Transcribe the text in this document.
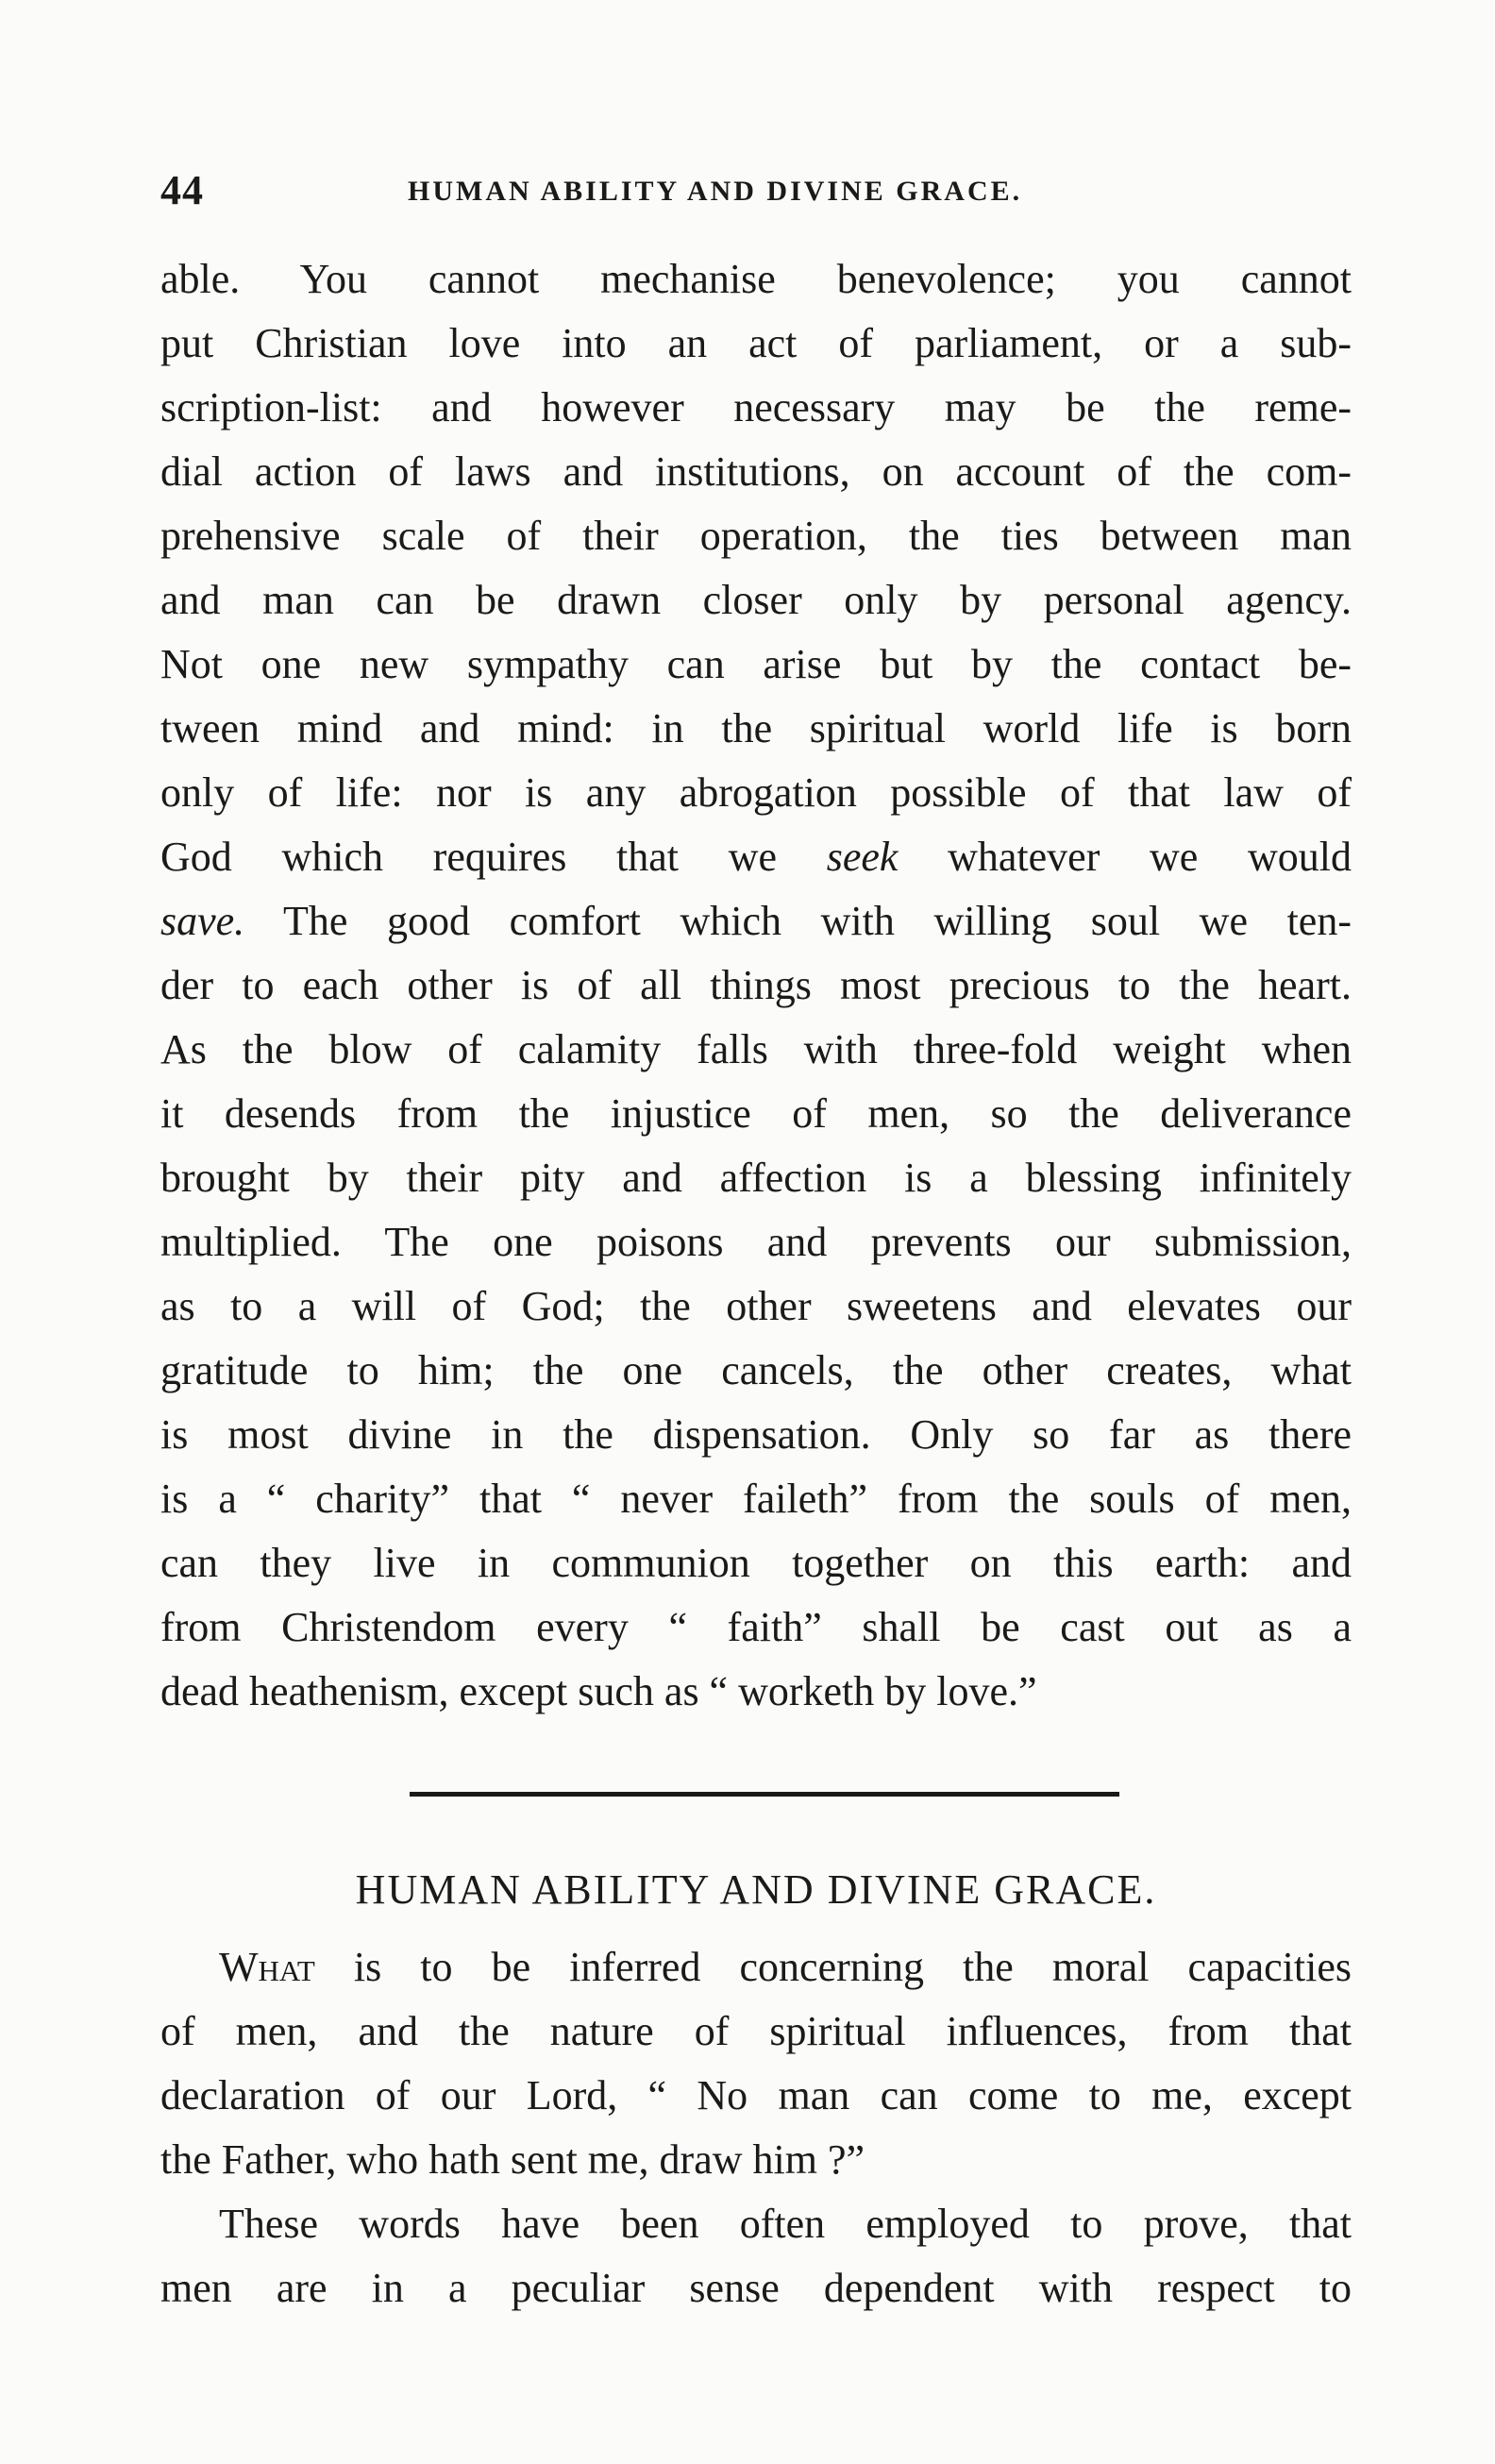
44	HUMAN ABILITY AND DIVINE GRACE.
able. You cannot mechanise benevolence; you cannot
put Christian love into an act of parliament, or a sub-
scription-list: and however necessary may be the reme-
dial action of laws and institutions, on account of the com-
prehensive scale of their operation, the ties between man
and man can be drawn closer only by personal agency.
Not one new sympathy can arise but by the contact be-
tween mind and mind: in the spiritual world life is born
only of life: nor is any abrogation possible of that law of
God which requires that we seek whatever we would
save. The good comfort which with willing soul we ten-
der to each other is of all things most precious to the heart.
As the blow of calamity falls with three-fold weight when
it desends from the injustice of men, so the deliverance
brought by their pity and affection is a blessing infinitely
multiplied. The one poisons and prevents our submission,
as to a will of God; the other sweetens and elevates our
gratitude to him; the one cancels, the other creates, what
is most divine in the dispensation. Only so far as there
is a “ charity” that “ never faileth” from the souls of men,
can they live in communion together on this earth: and
from Christendom every “ faith” shall be cast out as a
dead heathenism, except such as “ worketh by love.”
HUMAN ABILITY AND DIVINE GRACE.
What is to be inferred concerning the moral capacities
of men, and the nature of spiritual influences, from that
declaration of our Lord, “ No man can come to me, except
the Father, who hath sent me, draw him ?”
These words have been often employed to prove, that
men are in a peculiar sense dependent with respect to
